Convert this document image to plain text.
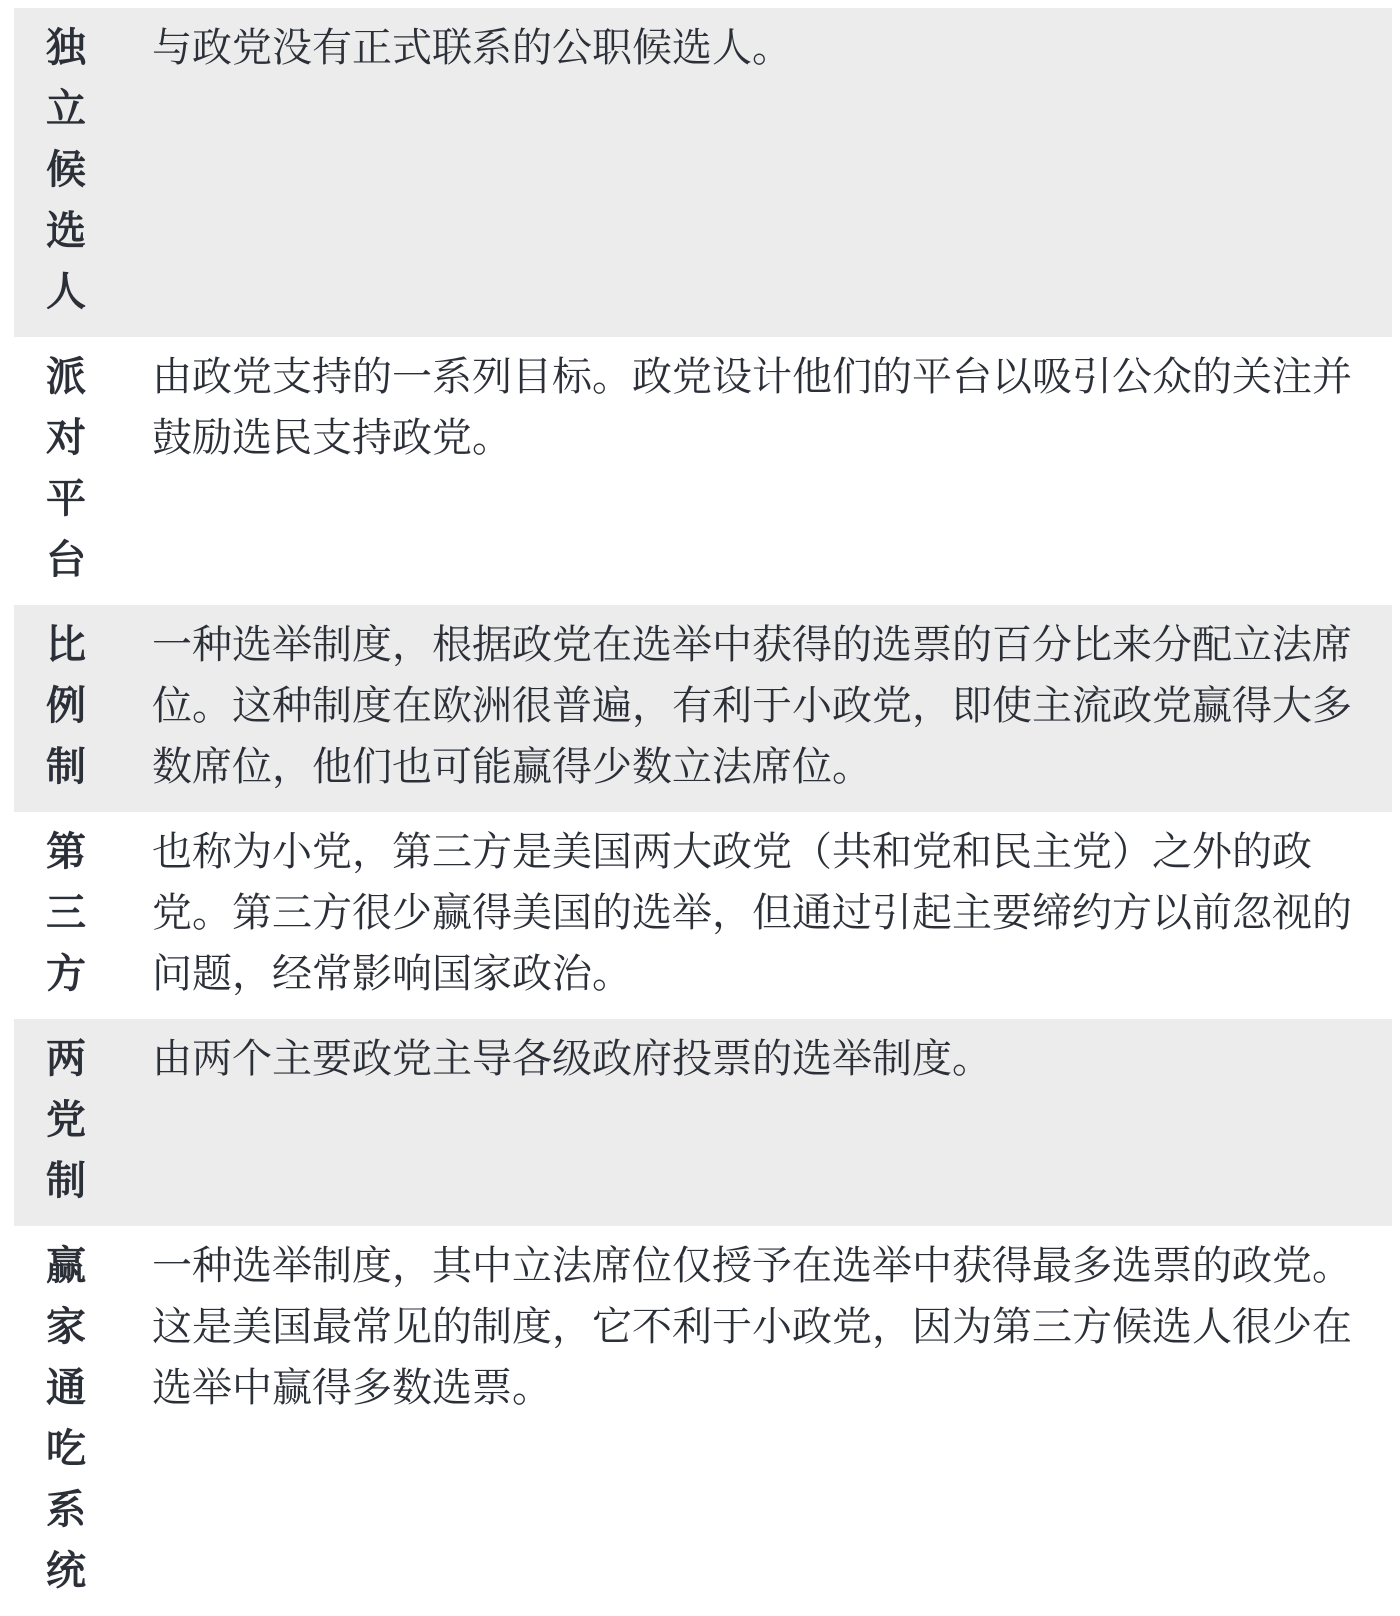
独立候选人	与政党没有正式联系的公职候选人。
派对平台	由政党支持的一系列目标。政党设计他们的平台以吸引公众的关注并鼓励选民支持政党。
比例制	一种选举制度，根据政党在选举中获得的选票的百分比来分配立法席位。这种制度在欧洲很普遍，有利于小政党，即使主流政党赢得大多数席位，他们也可能赢得少数立法席位。
第三方	也称为小党，第三方是美国两大政党（共和党和民主党）之外的政党。第三方很少赢得美国的选举，但通过引起主要缔约方以前忽视的问题，经常影响国家政治。
两党制	由两个主要政党主导各级政府投票的选举制度。
赢家通吃系统	一种选举制度，其中立法席位仅授予在选举中获得最多选票的政党。这是美国最常见的制度，它不利于小政党，因为第三方候选人很少在选举中赢得多数选票。
